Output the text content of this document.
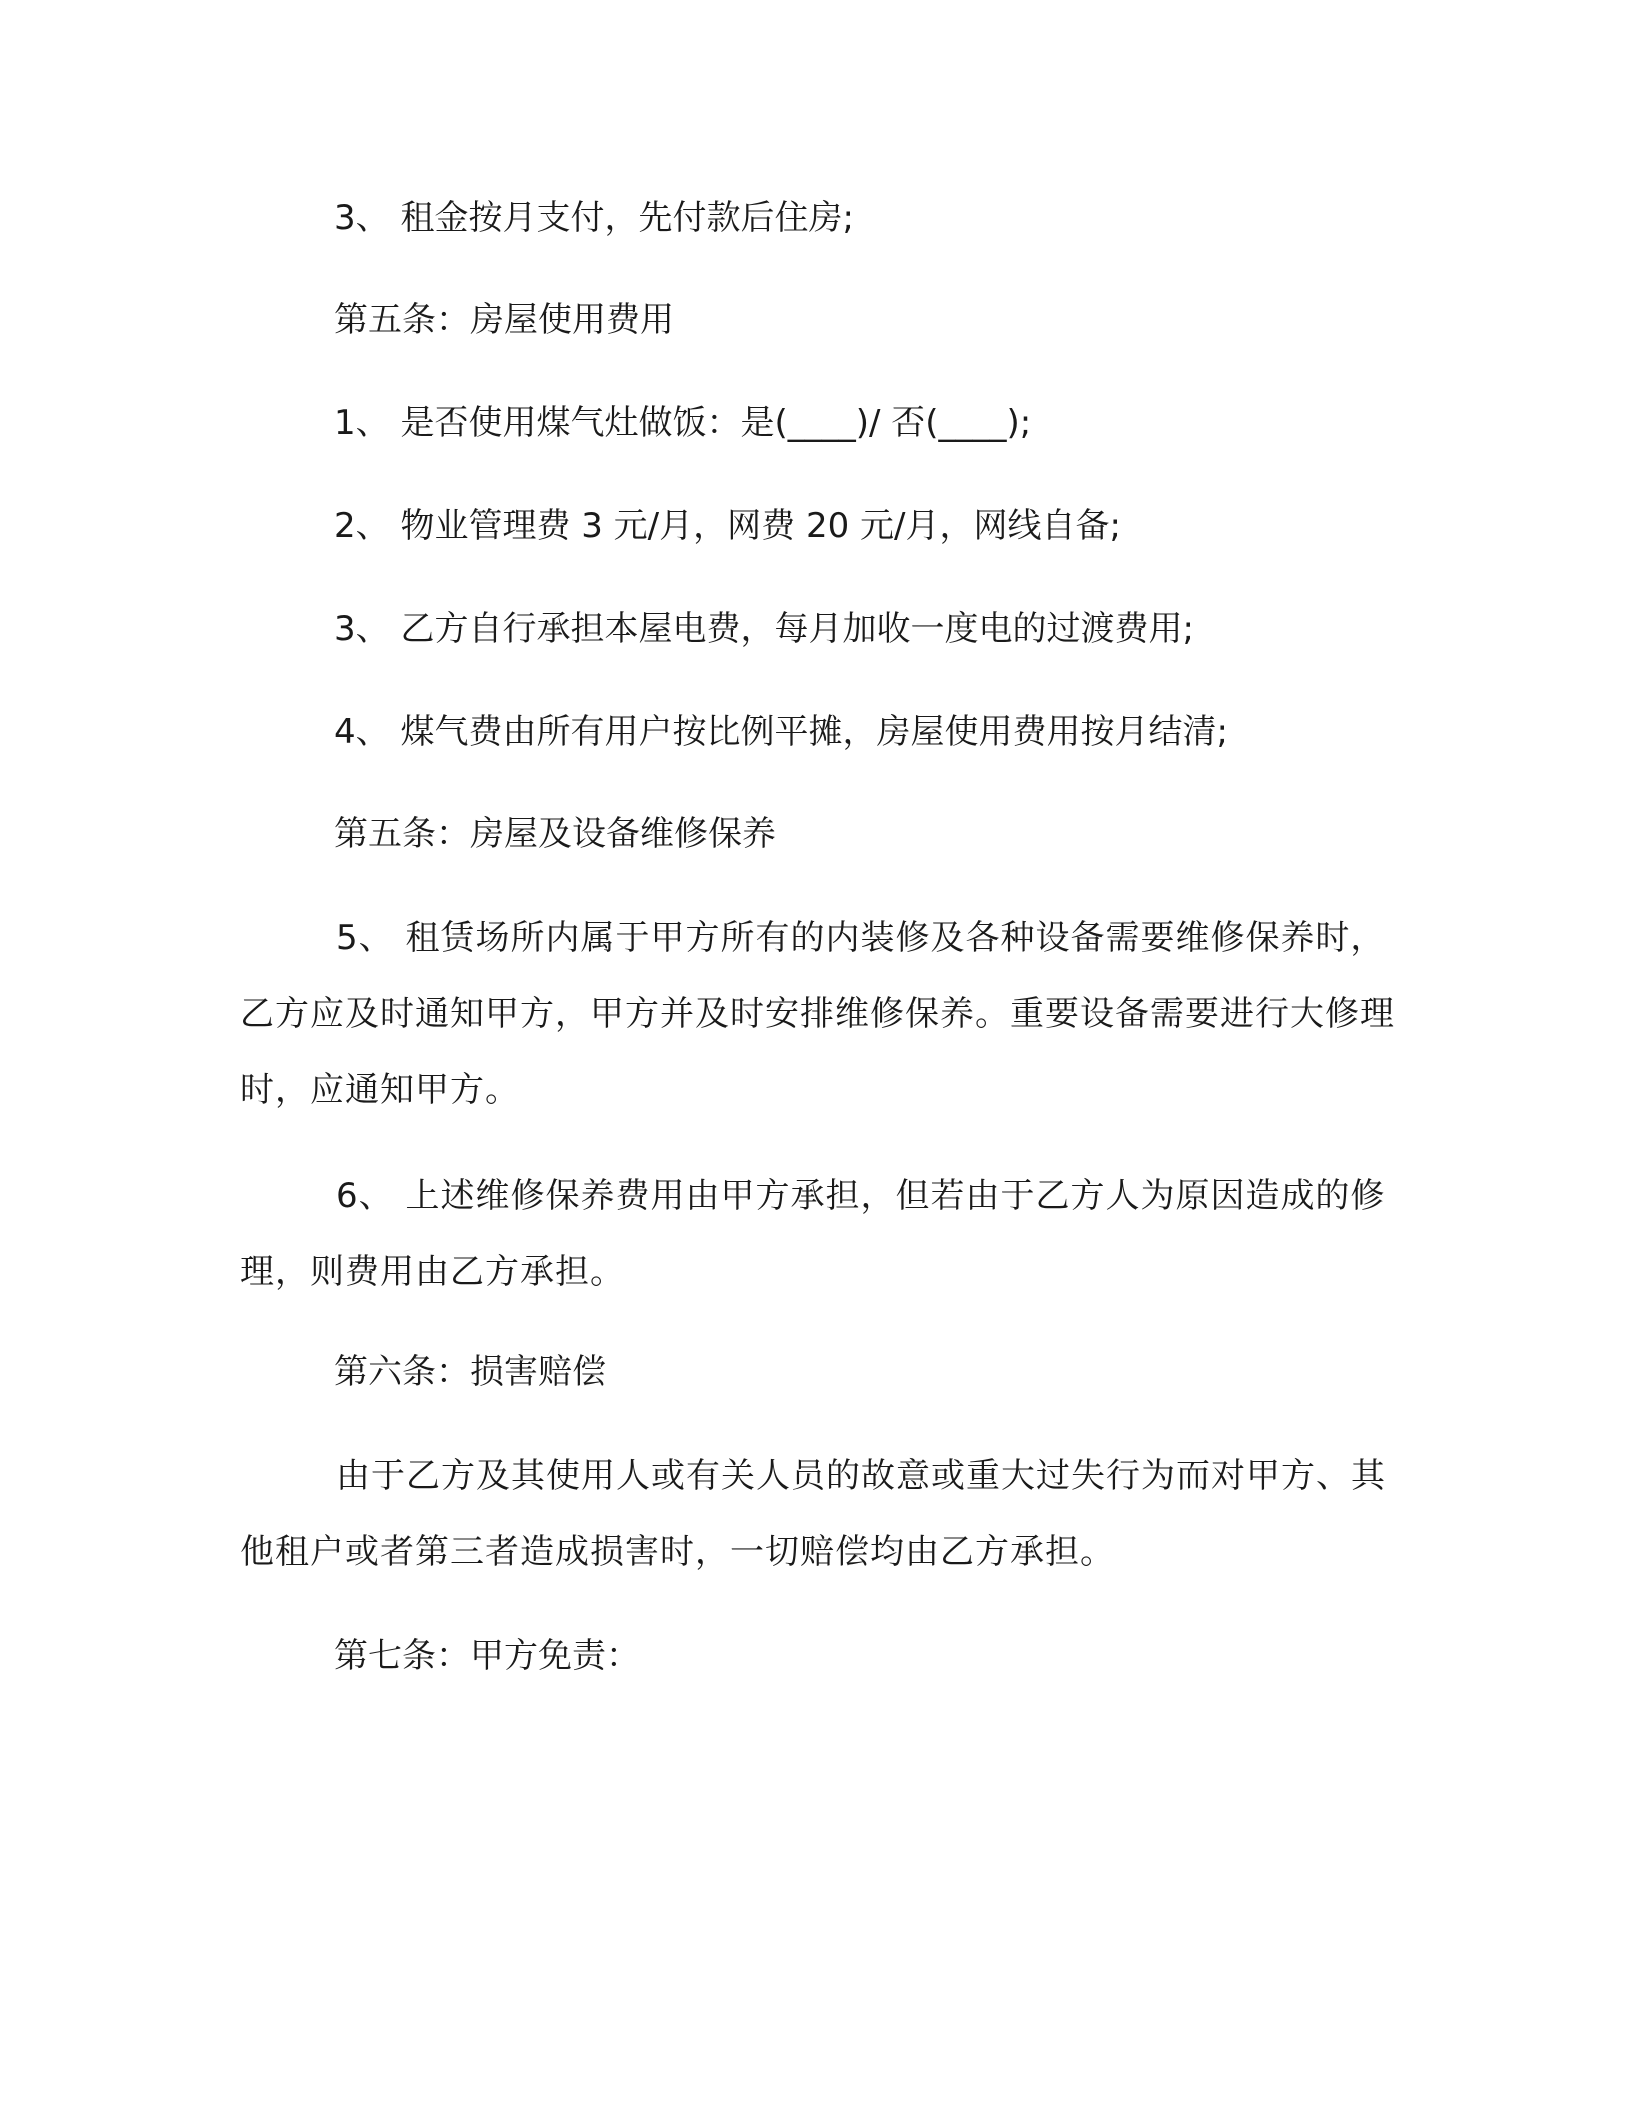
3、 租金按月支付，先付款后住房;
第五条：房屋使用费用
1、 是否使用煤气灶做饭：是(____)/ 否(____);
2、 物业管理费 3 元/月，网费 20 元/月，网线自备;
3、 乙方自行承担本屋电费，每月加收一度电的过渡费用;
4、 煤气费由所有用户按比例平摊，房屋使用费用按月结清;
第五条：房屋及设备维修保养
5、 租赁场所内属于甲方所有的内装修及各种设备需要维修保养时，乙方应及时通知甲方，甲方并及时安排维修保养。重要设备需要进行大修理时，应通知甲方。
6、 上述维修保养费用由甲方承担，但若由于乙方人为原因造成的修理，则费用由乙方承担。
第六条：损害赔偿
由于乙方及其使用人或有关人员的故意或重大过失行为而对甲方、其他租户或者第三者造成损害时，一切赔偿均由乙方承担。
第七条：甲方免责：
